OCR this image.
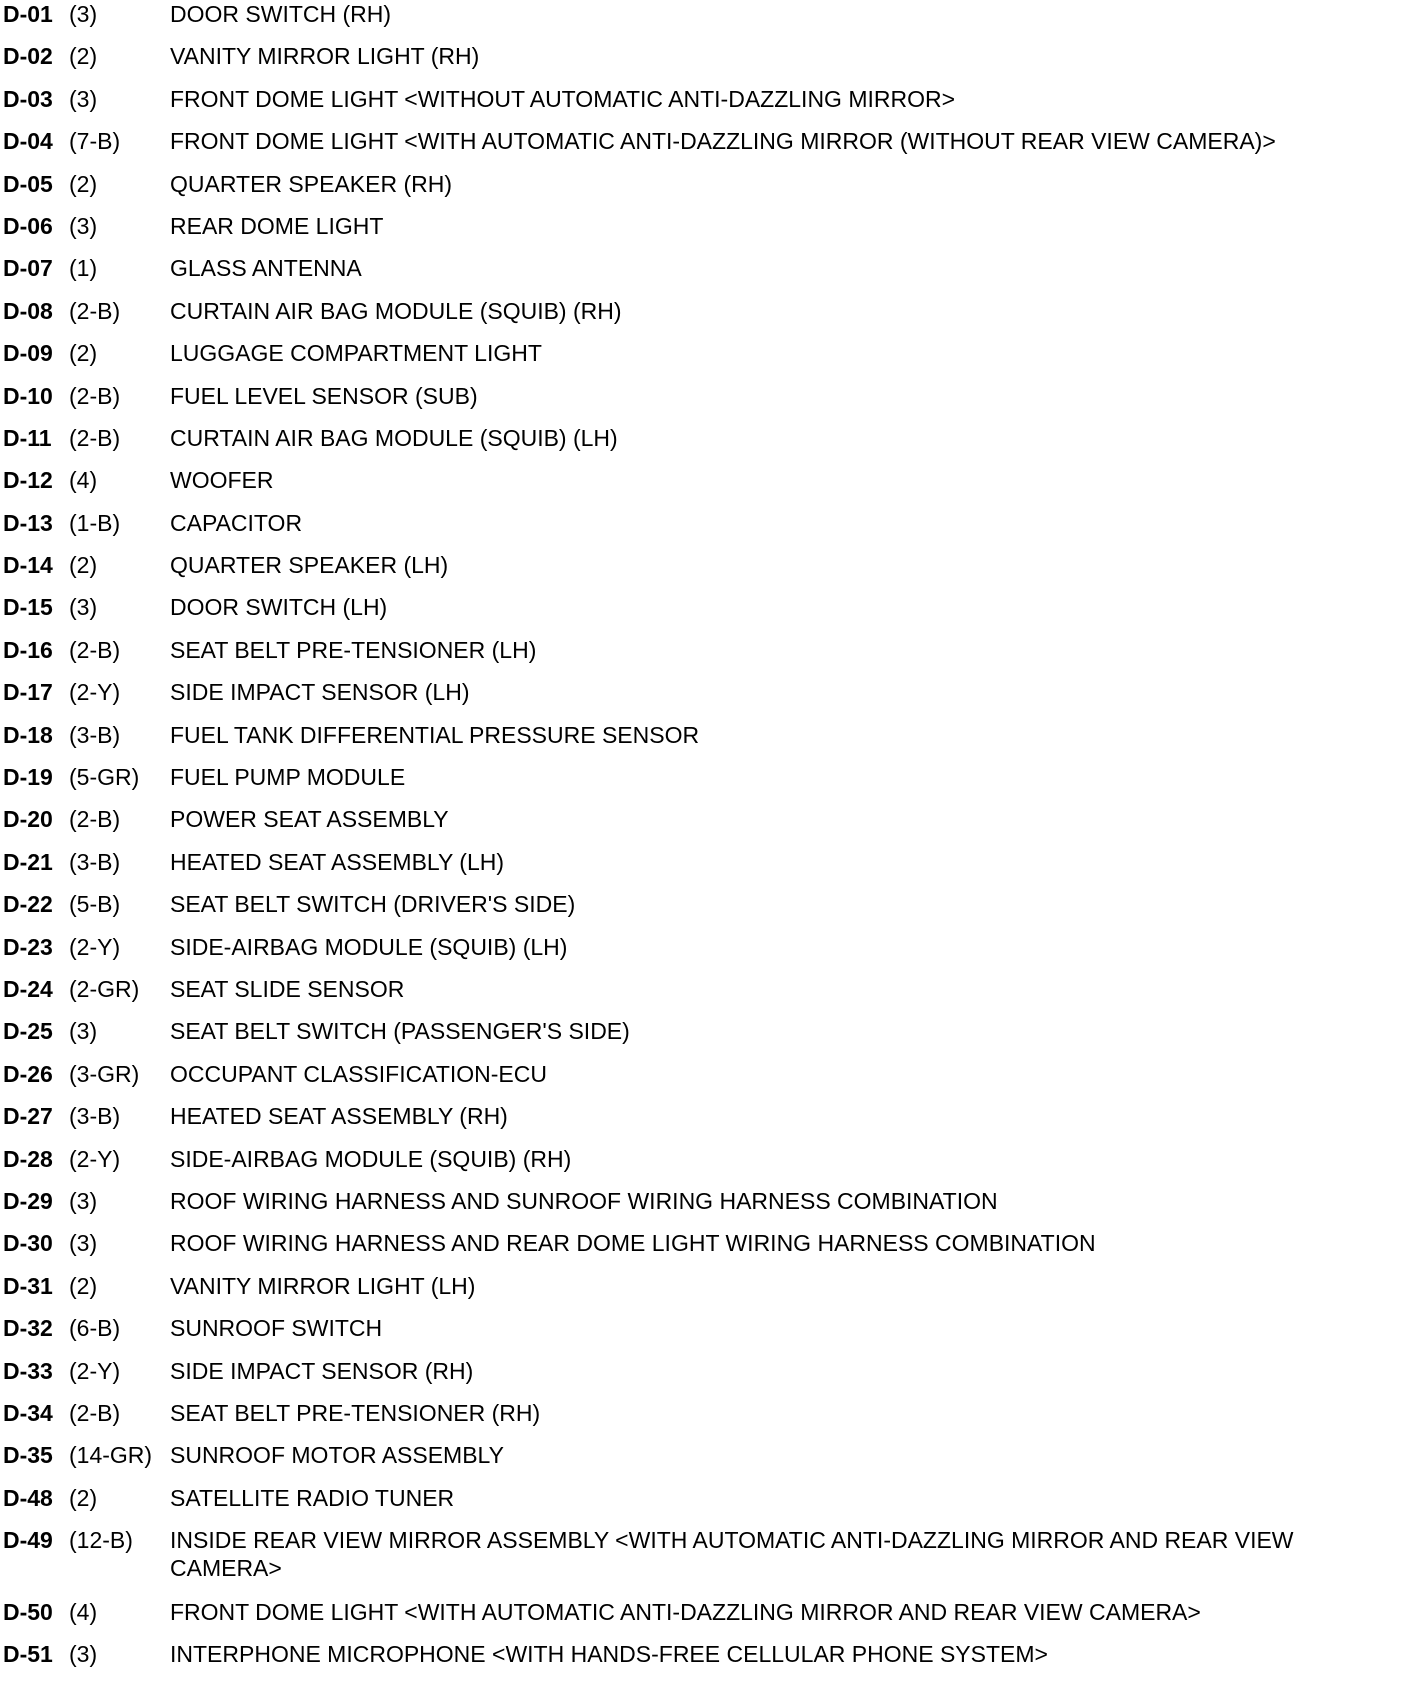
D-01 (3)	DOOR SWITCH (RH)
D-02 (2)	VANITY MIRROR LIGHT (RH)
D-03 (3)	FRONT DOME LIGHT <WITHOUT AUTOMATIC ANTI-DAZZLING MIRROR>
D-04 (7-B) FRONT DOME LIGHT <WITH AUTOMATIC ANTI-DAZZLING MIRROR (WITHOUT REAR VIEW CAMERA)>
D-05 (2)	QUARTER SPEAKER (RH)
D-06 (3)	REAR DOME LIGHT
D-07 (1)	GLASS ANTENNA
D-08 (2-B) CURTAIN AIR BAG MODULE (SQUIB) (RH)
D-09 (2)	LUGGAGE COMPARTMENT LIGHT
D-10 (2-B) FUEL LEVEL SENSOR (SUB)
D-11 (2-B) CURTAIN AIR BAG MODULE (SQUIB) (LH)
D-12 (4)	WOOFER
D-13 (1-B) CAPACITOR
D-14 (2)	QUARTER SPEAKER (LH)
D-15 (3)	DOOR SWITCH (LH)
D-16 (2-B) SEAT BELT PRE-TENSIONER (LH)
D-17 (2-Y) SIDE IMPACT SENSOR (LH)
D-18 (3-B) FUEL TANK DIFFERENTIAL PRESSURE SENSOR
D-19 (5-GR) FUEL PUMP MODULE
D-20 (2-B) POWER SEAT ASSEMBLY
D-21 (3-B) HEATED SEAT ASSEMBLY (LH)
D-22 (5-B) SEAT BELT SWITCH (DRIVER'S SIDE)
D-23 (2-Y) SIDE-AIRBAG MODULE (SQUIB) (LH)
D-24 (2-GR) SEAT SLIDE SENSOR
D-25 (3)	SEAT BELT SWITCH (PASSENGER'S SIDE)
D-26 (3-GR) OCCUPANT CLASSIFICATION-ECU
D-27 (3-B) HEATED SEAT ASSEMBLY (RH)
D-28 (2-Y) SIDE-AIRBAG MODULE (SQUIB) (RH)
D-29 (3)	ROOF WIRING HARNESS AND SUNROOF WIRING HARNESS COMBINATION
D-30 (3)	ROOF WIRING HARNESS AND REAR DOME LIGHT WIRING HARNESS COMBINATION
D-31 (2)	VANITY MIRROR LIGHT (LH)
D-32 (6-B) SUNROOF SWITCH
D-33 (2-Y) SIDE IMPACT SENSOR (RH)
D-34 (2-B) SEAT BELT PRE-TENSIONER (RH)
D-35 (14-GR) SUNROOF MOTOR ASSEMBLY
D-48 (2)	SATELLITE RADIO TUNER
D-49 (12-B) INSIDE REAR VIEW MIRROR ASSEMBLY <WITH AUTOMATIC ANTI-DAZZLING MIRROR AND REAR VIEW CAMERA>
D-50 (4)	FRONT DOME LIGHT <WITH AUTOMATIC ANTI-DAZZLING MIRROR AND REAR VIEW CAMERA>
D-51 (3)	INTERPHONE MICROPHONE <WITH HANDS-FREE CELLULAR PHONE SYSTEM>
